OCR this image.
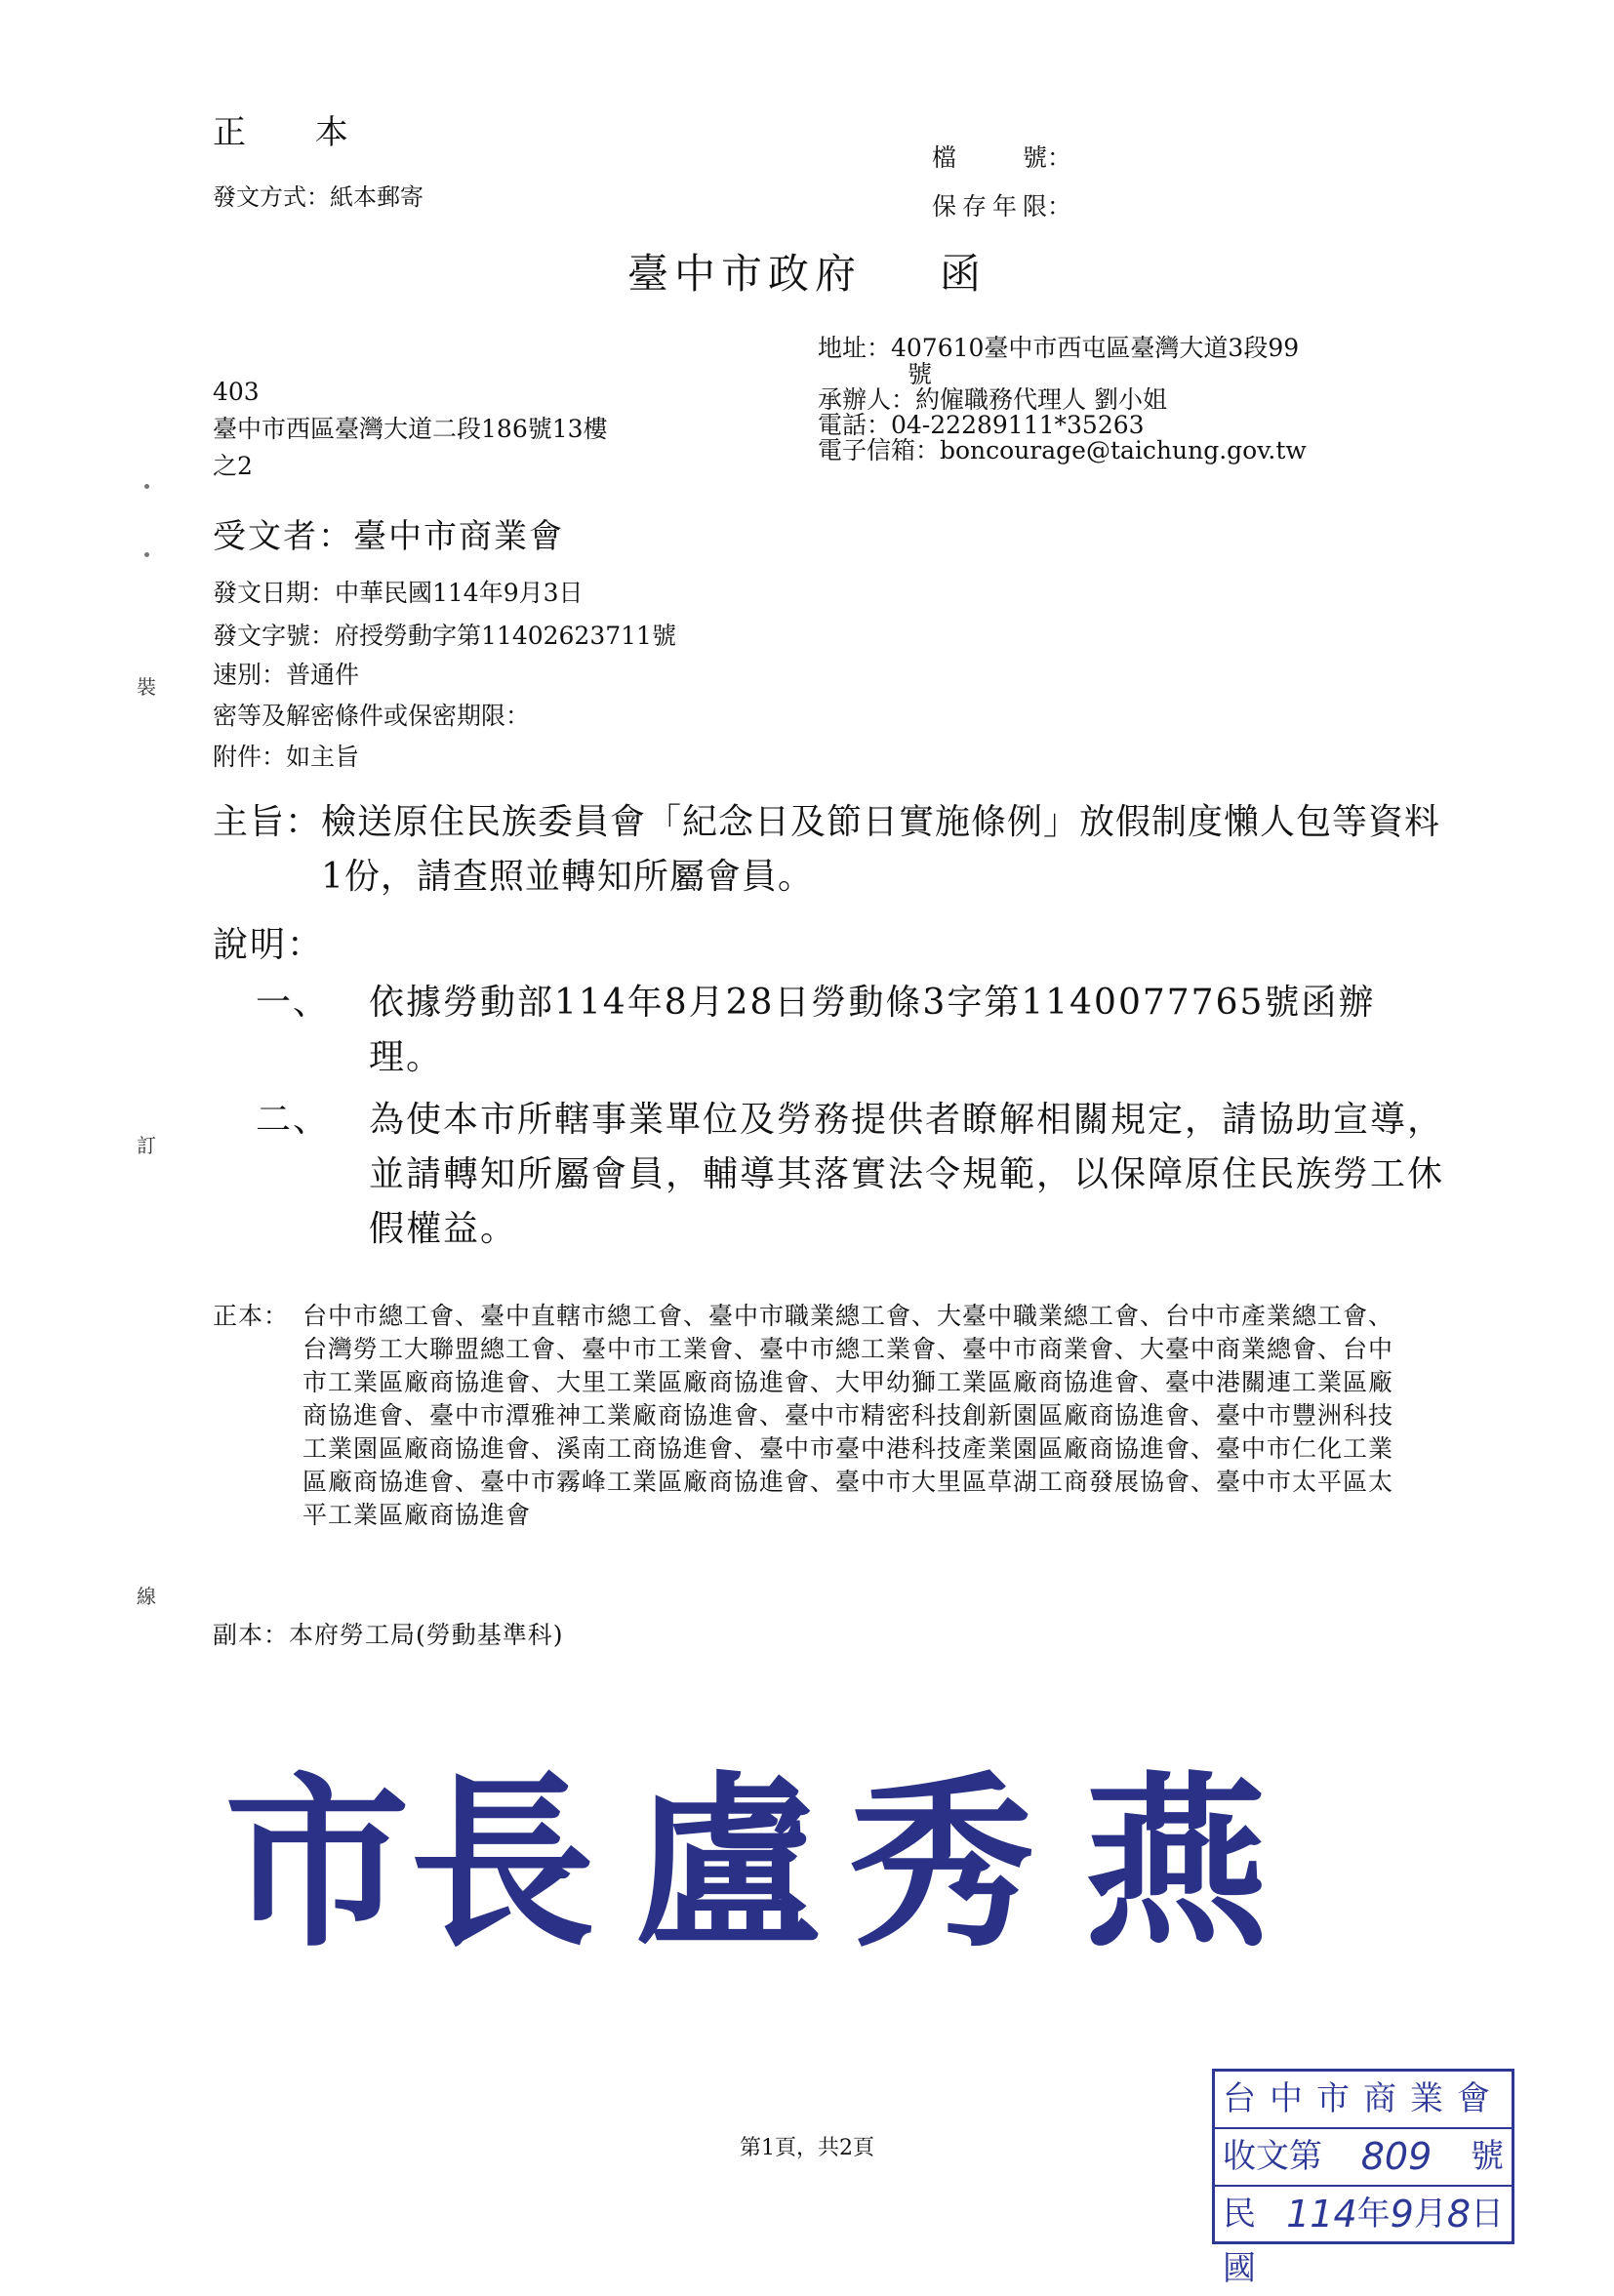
正 本
檔　號：
保存年限：
發文方式：紙本郵寄
臺中市政府 函
403
臺中市西區臺灣大道二段186號13樓
之2
地址：407610臺中市西屯區臺灣大道3段99
號
承辦人：約僱職務代理人 劉小姐
電話：04-22289111*35263
電子信箱：boncourage@taichung.gov.tw
受文者：臺中市商業會
發文日期：中華民國114年9月3日
發文字號：府授勞動字第11402623711號
速別：普通件
密等及解密條件或保密期限：
附件：如主旨
主旨： 檢送原住民族委員會「紀念日及節日實施條例」放假制度懶人包等資料1份，請查照並轉知所屬會員。
說明：
一、	依據勞動部114年8月28日勞動條3字第1140077765號函辦理。
二、	為使本市所轄事業單位及勞務提供者瞭解相關規定，請協助宣導，並請轉知所屬會員，輔導其落實法令規範，以保障原住民族勞工休假權益。
正本： 台中市總工會、臺中直轄市總工會、臺中市職業總工會、大臺中職業總工會、台中市產業總工會、台灣勞工大聯盟總工會、臺中市工業會、臺中市總工業會、臺中市商業會、大臺中商業總會、台中市工業區廠商協進會、大里工業區廠商協進會、大甲幼獅工業區廠商協進會、臺中港關連工業區廠商協進會、臺中市潭雅神工業廠商協進會、臺中市精密科技創新園區廠商協進會、臺中市豐洲科技工業園區廠商協進會、溪南工商協進會、臺中市臺中港科技產業園區廠商協進會、臺中市仁化工業區廠商協進會、臺中市霧峰工業區廠商協進會、臺中市大里區草湖工商發展協會、臺中市太平區太平工業區廠商協進會
副本：本府勞工局(勞動基準科)
裝
訂
線
市 長 盧 秀 燕
第1頁，共2頁
台中市商業會
收文第 809 號
民國
114 年 9 月 8 日
